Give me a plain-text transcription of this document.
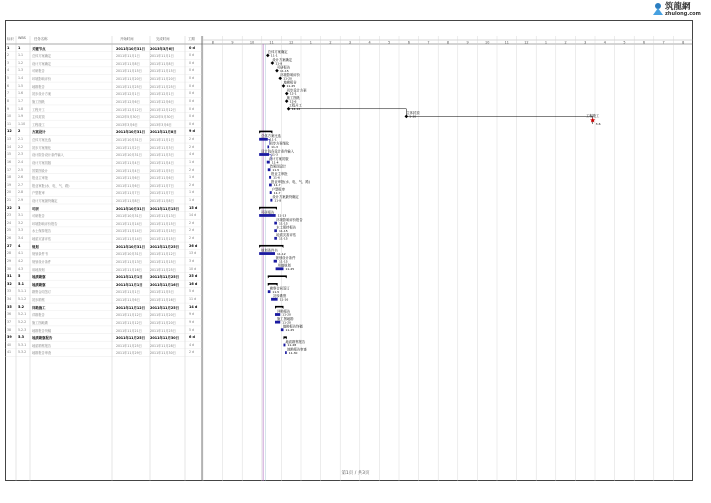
筑龍網
zhulong.com

标识	WBS	任务名称	开始时间	完成时间	工期
1	1	关键节点	2011年10月31日	2013年3月6日	0 d
2	1.1	总体方案确定	2011年11月1日	2011年11月1日	0 d
3	1.2	设计方案确定	2011年11月8日	2011年11月8日	0 d
4	1.3	可研报告	2011年11月15日	2011年11月15日	0 d
5	1.4	环境影响评价	2011年11月20日	2011年11月20日	0 d
6	1.5	地勘报告	2011年11月25日	2011年11月25日	0 d
7	1.6	初步设计方案	2011年12月1日	2011年12月1日	0 d
8	1.7	施工图纸	2011年12月6日	2011年12月6日	0 d
9	1.8	工程开工	2011年12月12日	2011年12月12日	0 d
10	1.9	主体封顶	2012年5月30日	2012年5月30日	0 d
11	1.10	工程竣工	2013年3月6日	2013年3月6日	0 d
12	2	方案设计	2011年10月31日	2011年11月8日	9 d
13	2.1	总体方案比选	2011年10月31日	2011年11月1日	2 d
14	2.2	初步方案细化	2011年11月2日	2011年11月3日	2 d
15	2.3	设计院各设计条件输入	2011年10月31日	2011年11月3日	4 d
16	2.4	设计方案初版	2011年11月4日	2011年11月4日	1 d
17	2.5	效果图设计	2011年11月4日	2011年11月5日	2 d
18	2.6	报业主审批	2011年11月6日	2011年11月6日	1 d
19	2.7	报业审批(水、电、气、路)	2011年11月6日	2011年11月7日	2 d
20	2.8	户型报审	2011年11月7日	2011年11月7日	1 d
21	2.9	设计方案最终确定	2011年11月8日	2011年11月8日	1 d
22	3	可研	2011年10月31日	2011年11月15日	15 d
23	3.1	可研报告	2011年10月31日	2011年11月13日	14 d
24	3.2	环境影响评价报告	2011年11月14日	2011年11月15日	2 d
25	3.3	水土保持报告	2011年11月14日	2011年11月15日	2 d
26	3.4	地质灾害评估	2011年11月14日	2011年11月15日	2 d
27	4	规划	2011年10月31日	2011年11月25日	26 d
28	4.1	规划条件书	2011年10月31日	2011年11月12日	13 d
29	4.2	规划设计条件	2011年11月13日	2011年11月15日	3 d
30	4.3	用地规划	2011年11月16日	2011年11月25日	10 d
31	5	地质勘察	2011年11月1日	2011年11月25日	25 d
32	5.1	地质勘察	2011年11月1日	2011年11月16日	16 d
33	5.1.1	勘察合同签订	2011年11月1日	2011年11月5日	5 d
34	5.1.2	初步勘察	2011年11月6日	2011年11月16日	11 d
35	5.2	详勘施工	2011年11月12日	2011年11月25日	14 d
36	5.2.1	详勘报告	2011年11月12日	2011年11月20日	9 d
37	5.2.2	施工图地勘	2011年11月12日	2011年11月20日	9 d
38	5.2.3	地勘报告终稿	2011年11月21日	2011年11月25日	5 d
39	5.3	地质勘察报告	2011年11月25日	2011年11月30日	6 d
40	5.3.1	地质勘察报告	2011年11月25日	2011年11月28日	4 d
41	5.3.2	地勘报告审查	2011年11月29日	2011年11月30日	2 d
8	9	10	11	12	1	2	3	4	5	6	7	8	9	10	11	12	1	2	3	4	5	6	7	8
总体方案确定
11-1
设计方案确定
11-8
可研报告
11-15
环境影响评价
11-20
地勘报告
11-25
初步设计方案
12-1
施工图纸
12-6
工程开工
12-12
主体封顶
5-30	工程竣工
3-6
总体方案比选
11-1
初步方案细化
11-3
设计院各设计条件输入
11-3
设计方案初版
11-4
效果图设计
11-5
报业主审批
11-6
报业审批(水、电、气、路)
11-7
户型报审
11-7
设计方案最终确定
11-8
可研报告
11-13
环境影响评价报告
11-15
水土保持报告
11-15
地质灾害评估
11-15
规划条件书
11-12
规划设计条件
11-15
用地规划
11-25
勘察合同签订
11-5
初步勘察
11-16
详勘报告
11-20
施工图地勘
11-20
地勘报告终稿
11-25
地质勘察报告
11-28
地勘报告审查
11-30
第1页 / 共3页
